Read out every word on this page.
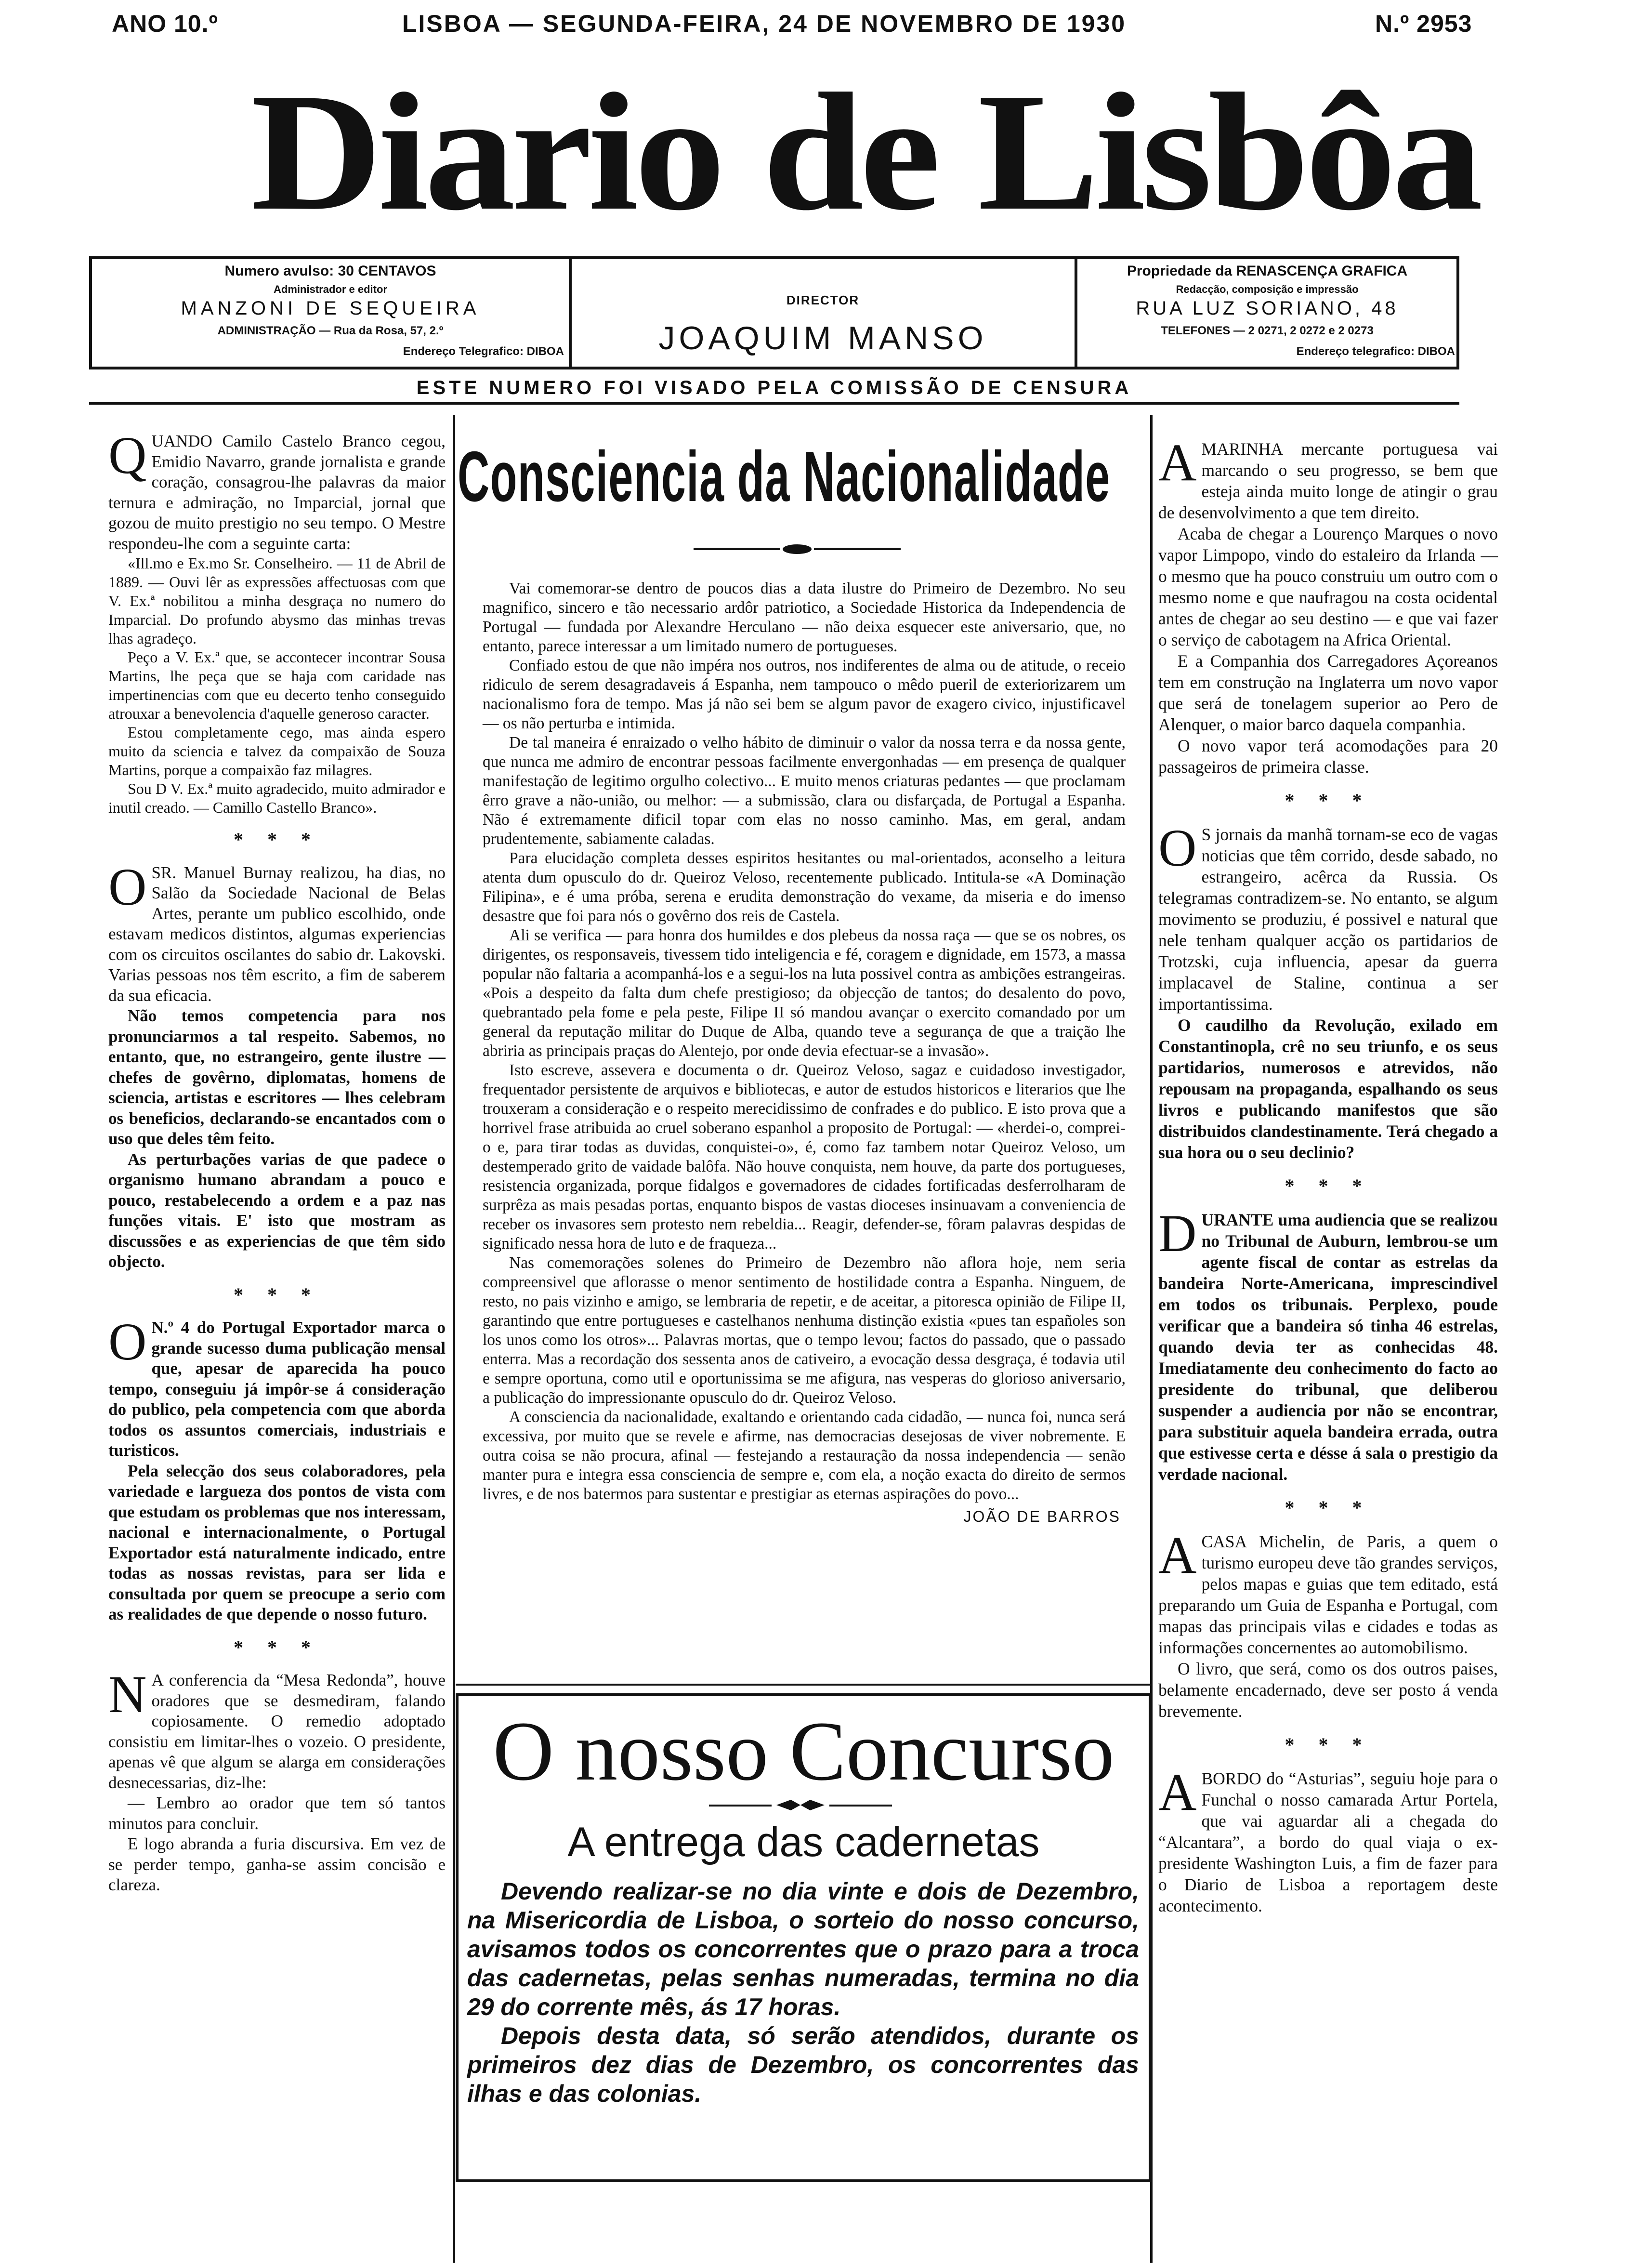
ANO 10.º	LISBOA — SEGUNDA-FEIRA, 24 DE NOVEMBRO DE 1930	N.º 2953
Diario de Lisbôa
Numero avulso: 30 CENTAVOS
Administrador e editor
MANZONI DE SEQUEIRA
ADMINISTRAÇÃO — Rua da Rosa, 57, 2.º
Endereço Telegrafico: DIBOA
DIRECTOR
JOAQUIM MANSO
Propriedade da RENASCENÇA GRAFICA
Redacção, composição e impressão
RUA LUZ SORIANO, 48
TELEFONES — 2 0271, 2 0272 e 2 0273
Endereço telegrafico: DIBOA
ESTE NUMERO FOI VISADO PELA COMISSÃO DE CENSURA
Q UANDO Camilo Castelo Branco cegou, Emidio Navarro, grande jornalista e grande coração, consagrou-lhe palavras da maior ternura e admiração, no Imparcial, jornal que gozou de muito prestigio no seu tempo. O Mestre respondeu-lhe com a seguinte carta:

«Ill.mo e Ex.mo Sr. Conselheiro. — 11 de Abril de 1889. — Ouvi lêr as expressões affectuosas com que V. Ex.ª nobilitou a minha desgraça no numero do Imparcial. Do profundo abysmo das minhas trevas lhas agradeço.

Peço a V. Ex.ª que, se accontecer incontrar Sousa Martins, lhe peça que se haja com caridade nas impertinencias com que eu decerto tenho conseguido atrouxar a benevolencia d'aquelle generoso caracter.

Estou completamente cego, mas ainda espero muito da sciencia e talvez da compaixão de Souza Martins, porque a compaixão faz milagres.

Sou D V. Ex.ª muito agradecido, muito admirador e inutil creado. — Camillo Castello Branco».

* * *

O SR. Manuel Burnay realizou, ha dias, no Salão da Sociedade Nacional de Belas Artes, perante um publico escolhido, onde estavam medicos distintos, algumas experiencias com os circuitos oscilantes do sabio dr. Lakovski. Varias pessoas nos têm escrito, a fim de saberem da sua eficacia.

Não temos competencia para nos pronunciarmos a tal respeito. Sabemos, no entanto, que, no estrangeiro, gente ilustre — chefes de govêrno, diplomatas, homens de sciencia, artistas e escritores — lhes celebram os beneficios, declarando-se encantados com o uso que deles têm feito.

As perturbações varias de que padece o organismo humano abrandam a pouco e pouco, restabelecendo a ordem e a paz nas funções vitais. E' isto que mostram as discussões e as experiencias de que têm sido objecto.

* * *

O N.º 4 do Portugal Exportador marca o grande sucesso duma publicação mensal que, apesar de aparecida ha pouco tempo, conseguiu já impôr-se á consideração do publico, pela competencia com que aborda todos os assuntos comerciais, industriais e turisticos.

Pela selecção dos seus colaboradores, pela variedade e largueza dos pontos de vista com que estudam os problemas que nos interessam, nacional e internacionalmente, o Portugal Exportador está naturalmente indicado, entre todas as nossas revistas, para ser lida e consultada por quem se preocupe a serio com as realidades de que depende o nosso futuro.

* * *

N A conferencia da “Mesa Redonda”, houve oradores que se desmediram, falando copiosamente. O remedio adoptado consistiu em limitar-lhes o vozeio. O presidente, apenas vê que algum se alarga em considerações desnecessarias, diz-lhe:

— Lembro ao orador que tem só tantos minutos para concluir.

E logo abranda a furia discursiva. Em vez de se perder tempo, ganha-se assim concisão e clareza.

Consciencia da Nacionalidade

Vai comemorar-se dentro de poucos dias a data ilustre do Primeiro de Dezembro. No seu magnifico, sincero e tão necessario ardôr patriotico, a Sociedade Historica da Independencia de Portugal — fundada por Alexandre Herculano — não deixa esquecer este aniversario, que, no entanto, parece interessar a um limitado numero de portugueses.

Confiado estou de que não impéra nos outros, nos indiferentes de alma ou de atitude, o receio ridiculo de serem desagradaveis á Espanha, nem tampouco o mêdo pueril de exteriorizarem um nacionalismo fora de tempo. Mas já não sei bem se algum pavor de exagero civico, injustificavel — os não perturba e intimida.

De tal maneira é enraizado o velho hábito de diminuir o valor da nossa terra e da nossa gente, que nunca me admiro de encontrar pessoas facilmente envergonhadas — em presença de qualquer manifestação de legitimo orgulho colectivo... E muito menos criaturas pedantes — que proclamam êrro grave a não-união, ou melhor: — a submissão, clara ou disfarçada, de Portugal a Espanha. Não é extremamente dificil topar com elas no nosso caminho. Mas, em geral, andam prudentemente, sabiamente caladas.

Para elucidação completa desses espiritos hesitantes ou mal-orientados, aconselho a leitura atenta dum opusculo do dr. Queiroz Veloso, recentemente publicado. Intitula-se «A Dominação Filipina», e é uma próba, serena e erudita demonstração do vexame, da miseria e do imenso desastre que foi para nós o govêrno dos reis de Castela.

Ali se verifica — para honra dos humildes e dos plebeus da nossa raça — que se os nobres, os dirigentes, os responsaveis, tivessem tido inteligencia e fé, coragem e dignidade, em 1573, a massa popular não faltaria a acompanhá-los e a segui-los na luta possivel contra as ambições estrangeiras. «Pois a despeito da falta dum chefe prestigioso; da objecção de tantos; do desalento do povo, quebrantado pela fome e pela peste, Filipe II só mandou avançar o exercito comandado por um general da reputação militar do Duque de Alba, quando teve a segurança de que a traição lhe abriria as principais praças do Alentejo, por onde devia efectuar-se a invasão».

Isto escreve, assevera e documenta o dr. Queiroz Veloso, sagaz e cuidadoso investigador, frequentador persistente de arquivos e bibliotecas, e autor de estudos historicos e literarios que lhe trouxeram a consideração e o respeito merecidissimo de confrades e do publico. E isto prova que a horrivel frase atribuida ao cruel soberano espanhol a proposito de Portugal: — «herdei-o, comprei-o e, para tirar todas as duvidas, conquistei-o», é, como faz tambem notar Queiroz Veloso, um destemperado grito de vaidade balôfa. Não houve conquista, nem houve, da parte dos portugueses, resistencia organizada, porque fidalgos e governadores de cidades fortificadas desferrolharam de surprêza as mais pesadas portas, enquanto bispos de vastas dioceses insinuavam a conveniencia de receber os invasores sem protesto nem rebeldia... Reagir, defender-se, fôram palavras despidas de significado nessa hora de luto e de fraqueza...

Nas comemorações solenes do Primeiro de Dezembro não aflora hoje, nem seria compreensivel que aflorasse o menor sentimento de hostilidade contra a Espanha. Ninguem, de resto, no pais vizinho e amigo, se lembraria de repetir, e de aceitar, a pitoresca opinião de Filipe II, garantindo que entre portugueses e castelhanos nenhuma distinção existia «pues tan españoles son los unos como los otros»... Palavras mortas, que o tempo levou; factos do passado, que o passado enterra. Mas a recordação dos sessenta anos de cativeiro, a evocação dessa desgraça, é todavia util e sempre oportuna, como util e oportunissima se me afigura, nas vesperas do glorioso aniversario, a publicação do impressionante opusculo do dr. Queiroz Veloso.

A consciencia da nacionalidade, exaltando e orientando cada cidadão, — nunca foi, nunca será excessiva, por muito que se revele e afirme, nas democracias desejosas de viver nobremente. E outra coisa se não procura, afinal — festejando a restauração da nossa independencia — senão manter pura e integra essa consciencia de sempre e, com ela, a noção exacta do direito de sermos livres, e de nos batermos para sustentar e prestigiar as eternas aspirações do povo...

JOÃO DE BARROS

O nosso Concurso
A entrega das cadernetas

Devendo realizar-se no dia vinte e dois de Dezembro, na Misericordia de Lisboa, o sorteio do nosso concurso, avisamos todos os concorrentes que o prazo para a troca das cadernetas, pelas senhas numeradas, termina no dia 29 do corrente mês, ás 17 horas.

Depois desta data, só serão atendidos, durante os primeiros dez dias de Dezembro, os concorrentes das ilhas e das colonias.

A MARINHA mercante portuguesa vai marcando o seu progresso, se bem que esteja ainda muito longe de atingir o grau de desenvolvimento a que tem direito.

Acaba de chegar a Lourenço Marques o novo vapor Limpopo, vindo do estaleiro da Irlanda — o mesmo que ha pouco construiu um outro com o mesmo nome e que naufragou na costa ocidental antes de chegar ao seu destino — e que vai fazer o serviço de cabotagem na Africa Oriental.

E a Companhia dos Carregadores Açoreanos tem em construção na Inglaterra um novo vapor que será de tonelagem superior ao Pero de Alenquer, o maior barco daquela companhia.

O novo vapor terá acomodações para 20 passageiros de primeira classe.

* * *

O S jornais da manhã tornam-se eco de vagas noticias que têm corrido, desde sabado, no estrangeiro, acêrca da Russia. Os telegramas contradizem-se. No entanto, se algum movimento se produziu, é possivel e natural que nele tenham qualquer acção os partidarios de Trotzski, cuja influencia, apesar da guerra implacavel de Staline, continua a ser importantissima.

O caudilho da Revolução, exilado em Constantinopla, crê no seu triunfo, e os seus partidarios, numerosos e atrevidos, não repousam na propaganda, espalhando os seus livros e publicando manifestos que são distribuidos clandestinamente. Terá chegado a sua hora ou o seu declinio?

* * *

D URANTE uma audiencia que se realizou no Tribunal de Auburn, lembrou-se um agente fiscal de contar as estrelas da bandeira Norte-Americana, imprescindivel em todos os tribunais. Perplexo, poude verificar que a bandeira só tinha 46 estrelas, quando devia ter as conhecidas 48. Imediatamente deu conhecimento do facto ao presidente do tribunal, que deliberou suspender a audiencia por não se encontrar, para substituir aquela bandeira errada, outra que estivesse certa e désse á sala o prestigio da verdade nacional.

* * *

A CASA Michelin, de Paris, a quem o turismo europeu deve tão grandes serviços, pelos mapas e guias que tem editado, está preparando um Guia de Espanha e Portugal, com mapas das principais vilas e cidades e todas as informações concernentes ao automobilismo.

O livro, que será, como os dos outros paises, belamente encadernado, deve ser posto á venda brevemente.

* * *

A BORDO do “Asturias”, seguiu hoje para o Funchal o nosso camarada Artur Portela, que vai aguardar ali a chegada do “Alcantara”, a bordo do qual viaja o ex-presidente Washington Luis, a fim de fazer para o Diario de Lisboa a reportagem deste acontecimento.
